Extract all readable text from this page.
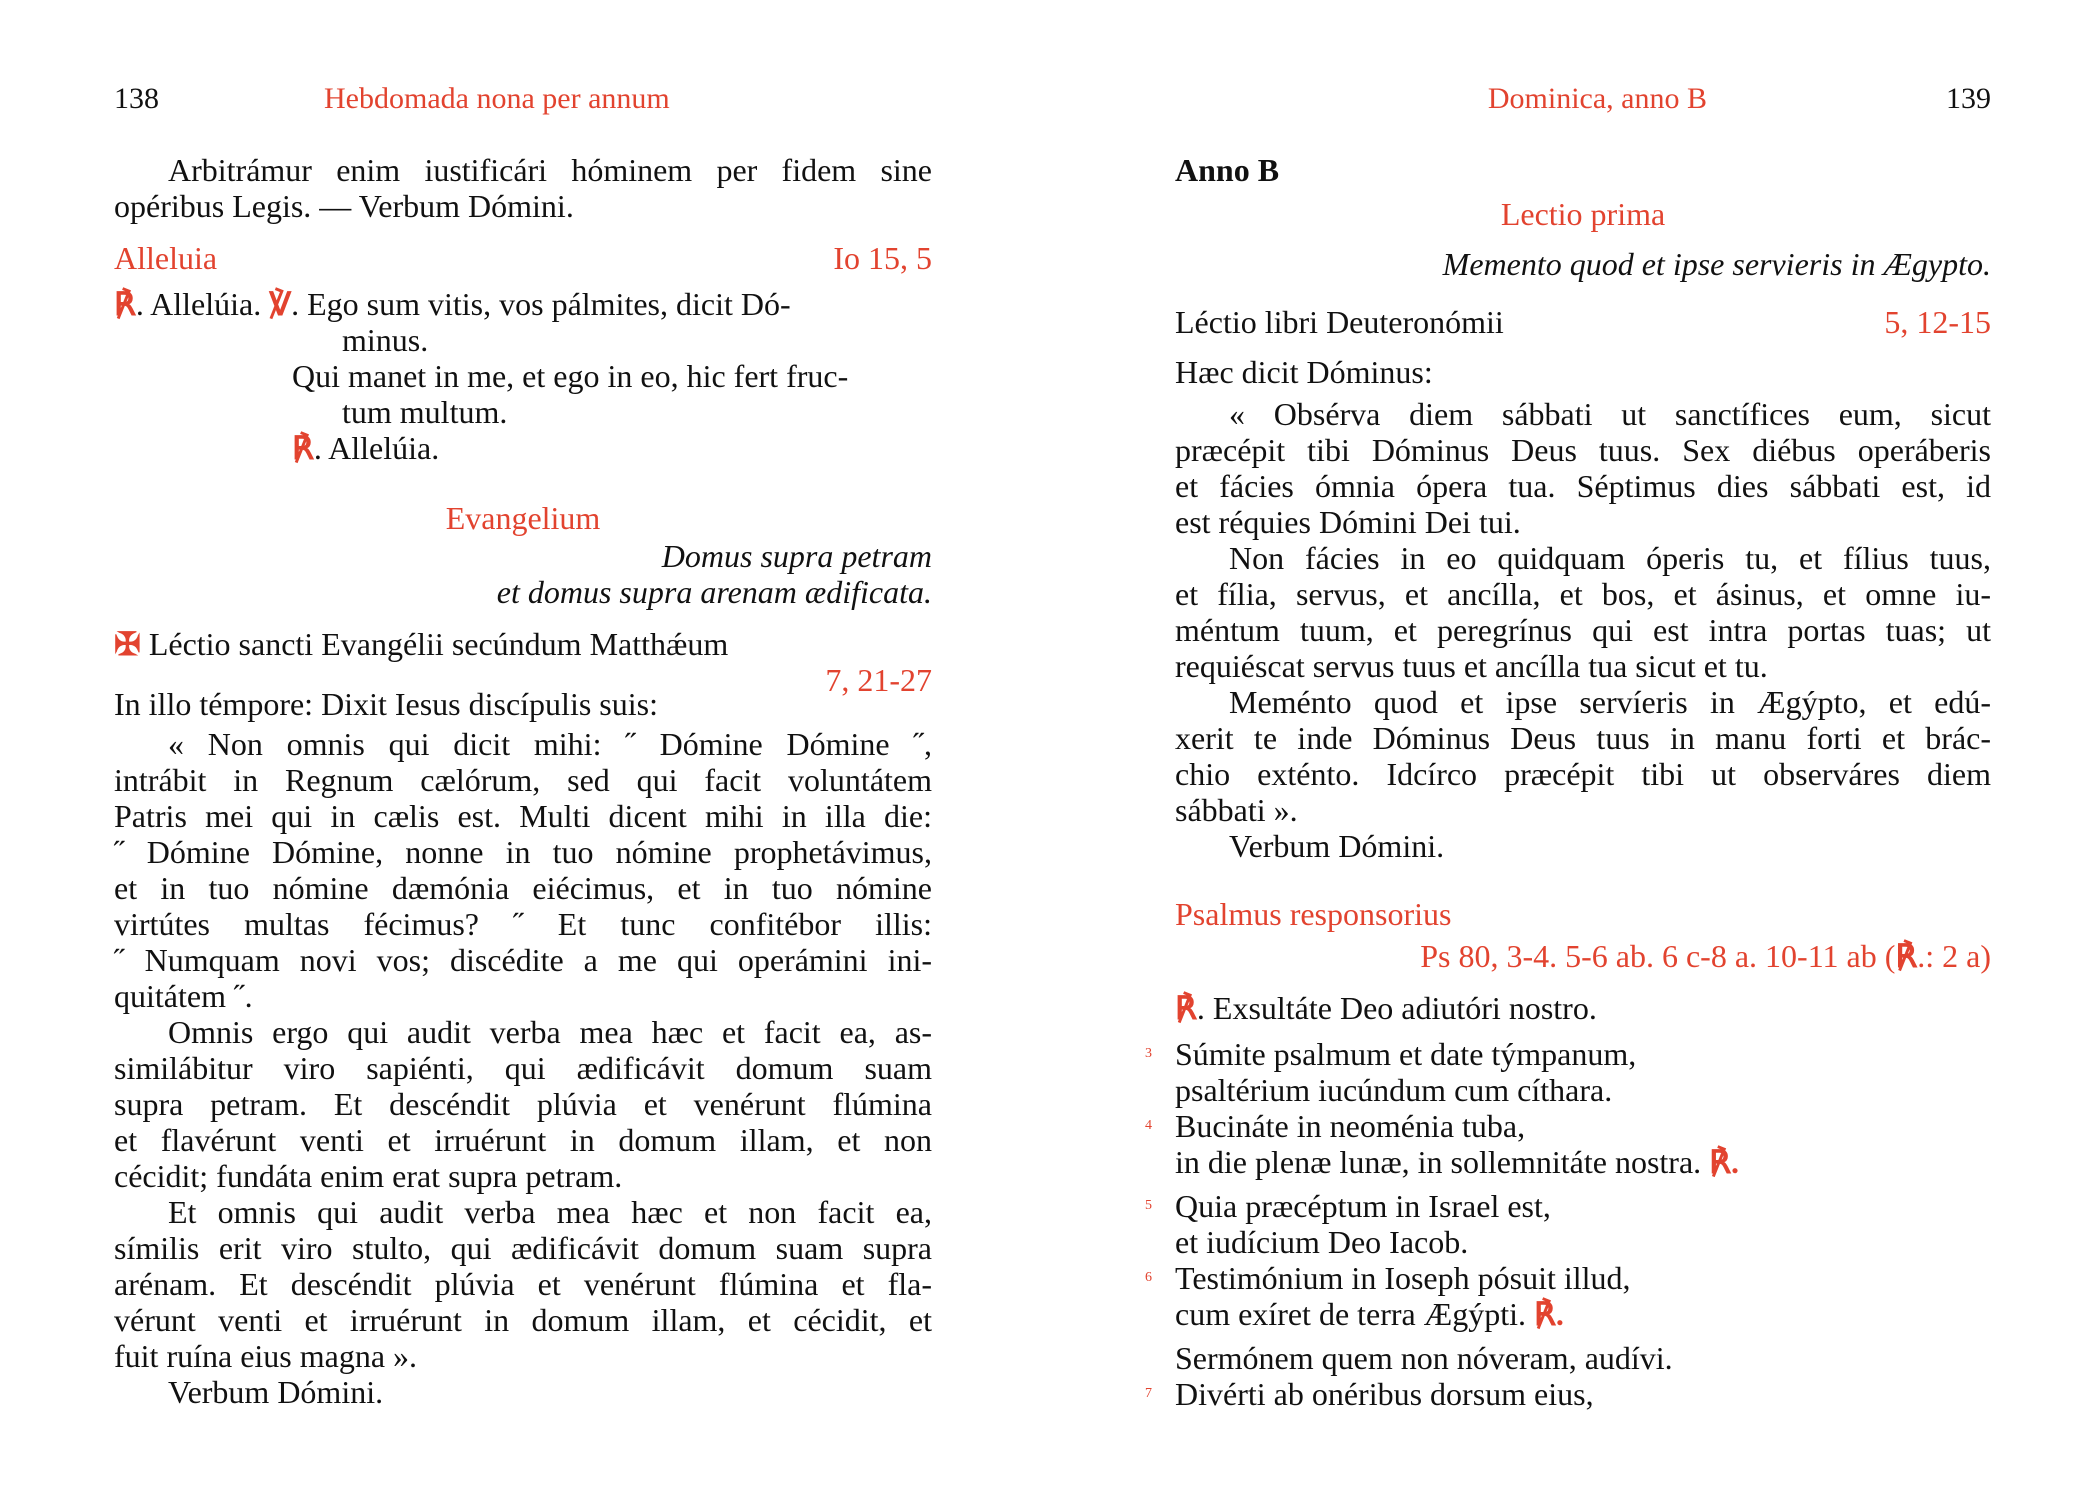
138	Hebdomada nona per annum
Arbitrámur enim iustificári hóminem per fidem sine
opéribus Legis. — Verbum Dómini.
Alleluia	Io 15, 5
℟. Allelúia. ℣. Ego sum vitis, vos pálmites, dicit Dó-
minus.
Qui manet in me, et ego in eo, hic fert fruc-
tum multum.
℟. Allelúia.
Evangelium
Domus supra petram
et domus supra arenam ædificata.
✠ Léctio sancti Evangélii secúndum Matthǽum
7, 21-27
In illo témpore: Dixit Iesus discípulis suis:
« Non omnis qui dicit mihi: ˝ Dómine Dómine ˝,
intrábit in Regnum cælórum, sed qui facit voluntátem
Patris mei qui in cælis est. Multi dicent mihi in illa die:
˝ Dómine Dómine, nonne in tuo nómine prophetávimus,
et in tuo nómine dæmónia eiécimus, et in tuo nómine
virtútes multas fécimus? ˝ Et tunc confitébor illis:
˝ Numquam novi vos; discédite a me qui operámini ini-
quitátem ˝.
Omnis ergo qui audit verba mea hæc et facit ea, as-
similábitur viro sapiénti, qui ædificávit domum suam
supra petram. Et descéndit plúvia et venérunt flúmina
et flavérunt venti et irruérunt in domum illam, et non
cécidit; fundáta enim erat supra petram.
Et omnis qui audit verba mea hæc et non facit ea,
símilis erit viro stulto, qui ædificávit domum suam supra
arénam. Et descéndit plúvia et venérunt flúmina et fla-
vérunt venti et irruérunt in domum illam, et cécidit, et
fuit ruína eius magna ».
Verbum Dómini.
Dominica, anno B	139
Anno B
Lectio prima
Memento quod et ipse servieris in Ægypto.
Léctio libri Deuteronómii	5, 12-15
Hæc dicit Dóminus:
« Obsérva diem sábbati ut sanctífices eum, sicut
præcépit tibi Dóminus Deus tuus. Sex diébus operáberis
et fácies ómnia ópera tua. Séptimus dies sábbati est, id
est réquies Dómini Dei tui.
Non fácies in eo quidquam óperis tu, et fílius tuus,
et fília, servus, et ancílla, et bos, et ásinus, et omne iu-
méntum tuum, et peregrínus qui est intra portas tuas; ut
requiéscat servus tuus et ancílla tua sicut et tu.
Meménto quod et ipse servíeris in Ægýpto, et edú-
xerit te inde Dóminus Deus tuus in manu forti et brác-
chio exténto. Idcírco præcépit tibi ut observáres diem
sábbati ».
Verbum Dómini.
Psalmus responsorius
Ps 80, 3-4. 5-6 ab. 6 c-8 a. 10-11 ab (℟.: 2 a)
℟. Exsultáte Deo adiutóri nostro.
3 Súmite psalmum et date týmpanum,
psaltérium iucúndum cum cíthara.
4 Bucináte in neoménia tuba,
in die plenæ lunæ, in sollemnitáte nostra. ℟.
5 Quia præcéptum in Israel est,
et iudícium Deo Iacob.
6 Testimónium in Ioseph pósuit illud,
cum exíret de terra Ægýpti. ℟.
Sermónem quem non nóveram, audívi.
7 Divérti ab onéribus dorsum eius,
